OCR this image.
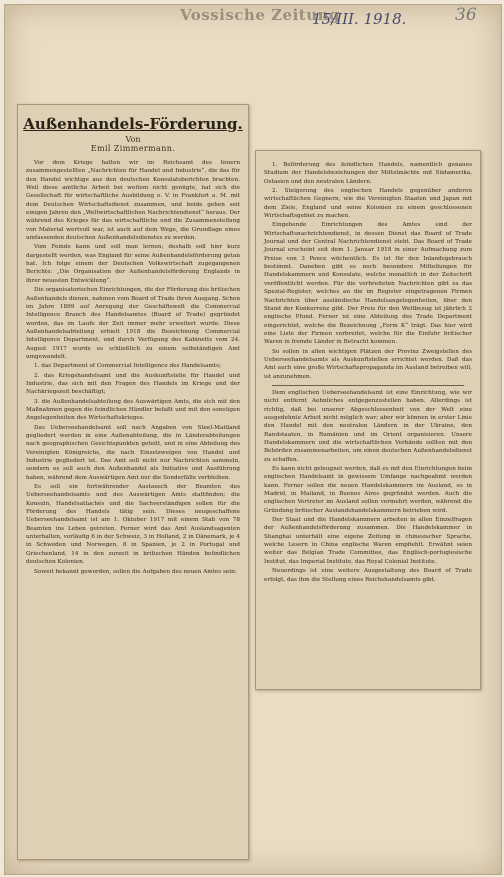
Vossische Zeitung
15/III. 1918.	36
Außenhandels-Förderung.
Von
Emil Zimmermann.

Vor dem Kriege hatten wir im Reichsamt des Innern zusammengestellten „Nachrichten für Handel und Industrie“, die das für den Handel wichtige aus den deutschen Konsulatsberichten brachten. Weil diese amtliche Arbeit bei weitem nicht genügte, hat sich die Gesellschaft für wirtschaftliche Ausbildung e. V. in Frankfurt a. M. mit dem Deutschen Wirtschaftsdienst zusammen, und beide gehen seit einigen Jahren den „Weltwirtschaftlichen Nachrichtendienst“ heraus. Der während des Krieges für das wirtschaftliche und die Zusammenstellung von Material wertvoll war, ist auch auf dem Wege, die Grundlage eines umfassenden deutschen Außenhandelsdienstes zu werden.

Vom Feinde kann und soll man lernen; deshalb soll hier kurz dargestellt werden, was England für seine Außenhandelsförderung getan hat. Ich folge einem der Deutschen Volkswirtschaft zugegangenen Berichte: „Die Organisation der Außenhandelsförderung Englands in ihrer neuesten Entwicklung“.

Die organisatorischen Einrichtungen, die der Förderung des britischen Außenhandels dienen, nahmen vom Board of Trade ihren Ausgang. Schon im Jahre 1899 auf Anregung der Geschäftswelt die Commercial Intelligence Branch des Handelsamtes (Board of Trade) gegründet worden, das im Laufe der Zeit immer mehr erweitert wurde. Diese Außenhandelsabteilung erhielt 1918 die Bezeichnung Commercial Intelligence Department, und durch Verfügung des Kabinetts vom 24. August 1917 wurde es schließlich zu einem selbständigen Amt umgewandelt.

1. das Department of Commercial Intelligence des Handelsamts;

2. das Kriegshandelsamt und die Auskunftstelle für Handel und Industrie, das sich mit den Fragen des Handels im Kriege und der Nachkriegszeit beschäftigt;

3. die Außenhandelsabteilung des Auswärtigen Amts, die sich mit den Maßnahmen gegen die feindlichen Händler befaßt und mit den sonstigen Angelegenheiten des Wirtschaftskrieges.

Das Ueberseehandelsamt soll nach Angaben von Steel-Maitland gegliedert werden in eine Außenabteilung, die in Länderabteilungen nach geographischen Gesichtspunkten geteilt, und in eine Abteilung des Vereinigten Königreichs, die nach Einzelzweigen von Handel und Industrie gegliedert ist. Das Amt soll nicht nur Nachrichten sammeln, sondern es soll auch den Außenhandel als Initiative und Ausführung haben, während dem Auswärtigen Amt nur die Sonderfälle verbleiben.

Es soll ein fortwährender Austausch der Beamten des Ueberseehandelsamts und des Auswärtigen Amts stattfinden; die Konsuln, Handelsattachés und die Sachverständigen sollen für die Förderung des Handels tätig sein. Dieses neugeschaffene Ueberseehandelsamt ist am 1. Oktober 1917 mit einem Stab von 78 Beamten ins Leben getreten. Ferner wird das Amt Auslandsagenten unterhalten, vorläufig 6 in der Schweiz, 3 in Holland, 2 in Dänemark, je 4 in Schweden und Norwegen, 8 in Spanien, je 2 in Portugal und Griechenland, 14 in den zurzeit in britischen Händen befindlichen deutschen Kolonien.

Soweit bekannt geworden, sollen die Aufgaben des neuen Amtes sein:

1. Beförderung des feindlichen Handels, namentlich genaues Studium der Handelsbeziehungen der Mittelmächte mit Südamerika, Ostasien und den neutralen Ländern.

2. Steigerung des englischen Handels gegenüber anderen wirtschaftlichen Gegnern, wie die Vereinigten Staaten und Japan mit dem Ziele, England und seine Kolonien zu einem geschlossenen Wirtschaftsgebiet zu machen.

Eingehende Einrichtungen des Amtes sind der Wirtschaftsnachrichtendienst, in dessen Dienst das Board of Trade Journal und der Central Nachrichtendienst steht. Das Board of Trade Journal erscheint seit dem 1. Januar 1918 in einer Aufmachung zum Preise von 3 Pence wöchentlich. Es ist für den Inlandsgebrauch bestimmt. Daneben gibt es noch besondere Mitteilungen für Handelskammern und Konsulate, welche monatlich in der Zeitschrift veröffentlicht werden. Für die verbreiteten Nachrichten gibt es das Spezial-Register, welches an die im Register eingetragenen Firmen Nachrichten über ausländische Handelsangelegenheiten, über den Stand der Konkurrenz gibt. Der Preis für den Weltbezug ist jährlich 2 englische Pfund. Ferner ist eine Abteilung des Trade Department eingerichtet, welche die Bezeichnung „Form K“ trägt. Das hier wird eine Liste der Firmen verbreitet, welche für die Einfuhr britischer Waren in fremde Länder in Betracht kommen.

So sollen in allen wichtigen Plätzen der Provinz Zweigstellen des Ueberseehandelsamts als Auskunftstellen errichtet werden. Daß das Amt auch eine große Wirtschaftspropaganda im Ausland betreiben will, ist anzunehmen.

Dem englischen Ueberseehandelsamt ist eine Einrichtung, wie wir nicht entfernt Aehnliches entgegenzustellen haben. Allerdings ist richtig, daß bei unserer Abgeschlossenheit von der Welt eine ausgedehnte Arbeit nicht möglich war; aber wir können in erster Linie den Handel mit den neutralen Ländern in der Ukraine, den Randstaaten, in Rumänien und im Orient organisieren. Unsere Handelskammern und die wirtschaftlichen Verbände sollten mit den Behörden zusammenarbeiten, um einen deutschen Außenhandelsdienst zu schaffen.

Es kann nicht geleugnet werden, daß es mit den Einrichtungen beim englischen Handelsamt in gewissem Umfange nachgeahmt werden kann. Ferner sollen die neuen Handelskammern im Ausland, so in Madrid, in Mailand, in Buenos Aires gegründet werden. Auch die englischen Vertreter im Ausland sollen vermehrt werden, während die Gründung britischer Auslandshandelskammern betrieben wird.

Der Staat und die Handelskammern arbeiten in allen Einzelfragen der Außenhandelsförderung zusammen. Die Handelskammer in Shanghai unterhält eine eigene Zeitung in chinesischer Sprache, welche Lesern in China englische Waren empfiehlt. Erwähnt seien weiter das Belgian Trade Committee, das Englisch-portugiesische Institut, das Imperial Institute, das Royal Colonial Institute.

Neuerdings ist eine weitere Ausgestaltung des Board of Trade erfolgt, das ihm die Stellung eines Reichshandelsamts gibt.
